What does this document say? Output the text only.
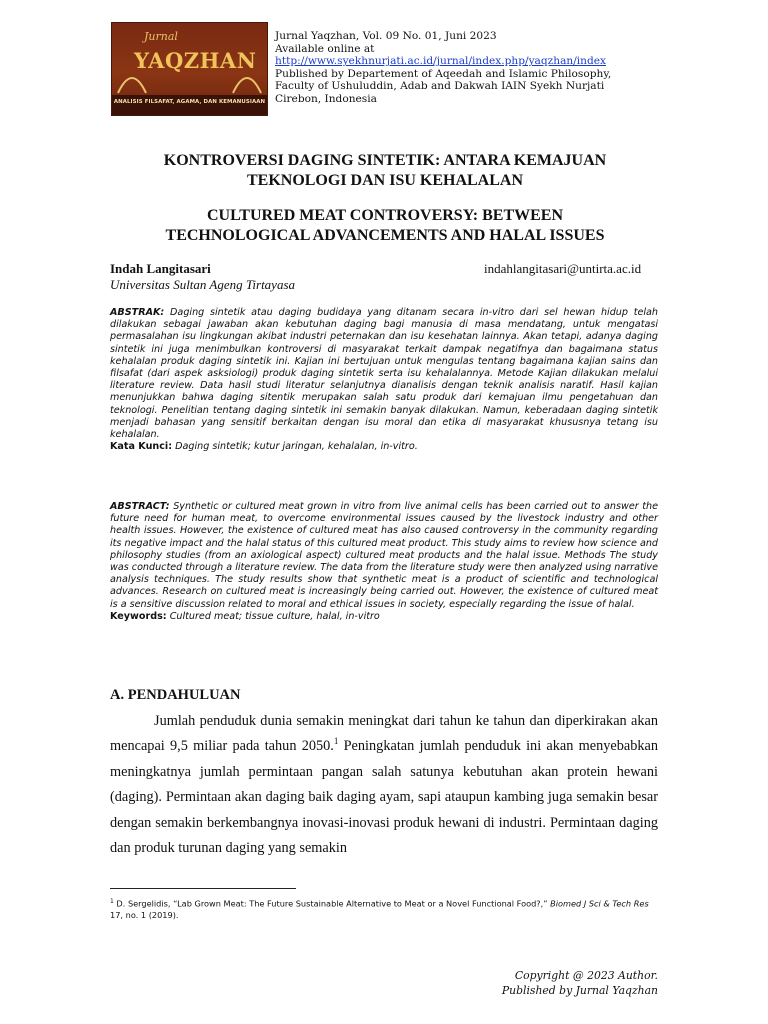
Jurnal
YAQZHAN
ANALISIS FILSAFAT, AGAMA, DAN KEMANUSIAAN
Jurnal Yaqzhan, Vol. 09 No. 01, Juni 2023
Available online at
http://www.syekhnurjati.ac.id/jurnal/index.php/yaqzhan/index
Published by Departement of Aqeedah and Islamic Philosophy,
Faculty of Ushuluddin, Adab and Dakwah IAIN Syekh Nurjati
Cirebon, Indonesia
KONTROVERSI DAGING SINTETIK: ANTARA KEMAJUAN
TEKNOLOGI DAN ISU KEHALALAN
CULTURED MEAT CONTROVERSY: BETWEEN
TECHNOLOGICAL ADVANCEMENTS AND HALAL ISSUES
Indah Langitasari
Universitas Sultan Ageng Tirtayasa
indahlangitasari@untirta.ac.id
ABSTRAK: Daging sintetik atau daging budidaya yang ditanam secara in-vitro dari sel hewan hidup telah dilakukan sebagai jawaban akan kebutuhan daging bagi manusia di masa mendatang, untuk mengatasi permasalahan isu lingkungan akibat industri peternakan dan isu kesehatan lainnya. Akan tetapi, adanya daging sintetik ini juga menimbulkan kontroversi di masyarakat terkait dampak negatifnya dan bagaimana status kehalalan produk daging sintetik ini. Kajian ini bertujuan untuk mengulas tentang bagaimana kajian sains dan filsafat (dari aspek asksiologi) produk daging sintetik serta isu kehalalannya. Metode Kajian dilakukan melalui literature review. Data hasil studi literatur selanjutnya dianalisis dengan teknik analisis naratif. Hasil kajian menunjukkan bahwa daging sitentik merupakan salah satu produk dari kemajuan ilmu pengetahuan dan teknologi. Penelitian tentang daging sintetik ini semakin banyak dilakukan. Namun, keberadaan daging sintetik menjadi bahasan yang sensitif berkaitan dengan isu moral dan etika di masyarakat khususnya tetang isu kehalalan.
Kata Kunci: Daging sintetik; kutur jaringan, kehalalan, in-vitro.
ABSTRACT: Synthetic or cultured meat grown in vitro from live animal cells has been carried out to answer the future need for human meat, to overcome environmental issues caused by the livestock industry and other health issues. However, the existence of cultured meat has also caused controversy in the community regarding its negative impact and the halal status of this cultured meat product. This study aims to review how science and philosophy studies (from an axiological aspect) cultured meat products and the halal issue. Methods The study was conducted through a literature review. The data from the literature study were then analyzed using narrative analysis techniques. The study results show that synthetic meat is a product of scientific and technological advances. Research on cultured meat is increasingly being carried out. However, the existence of cultured meat is a sensitive discussion related to moral and ethical issues in society, especially regarding the issue of halal.
Keywords: Cultured meat; tissue culture, halal, in-vitro
A. PENDAHULUAN
Jumlah penduduk dunia semakin meningkat dari tahun ke tahun dan diperkirakan akan mencapai 9,5 miliar pada tahun 2050.$^1$ Peningkatan jumlah penduduk ini akan menyebabkan meningkatnya jumlah permintaan pangan salah satunya kebutuhan akan protein hewani (daging). Permintaan akan daging baik daging ayam, sapi ataupun kambing juga semakin besar dengan semakin berkembangnya inovasi-inovasi produk hewani di industri. Permintaan daging dan produk turunan daging yang semakin
$^1$ D. Sergelidis, “Lab Grown Meat: The Future Sustainable Alternative to Meat or a Novel Functional Food?,” Biomed J Sci & Tech Res 17, no. 1 (2019).
Copyright @ 2023 Author.
Published by Jurnal Yaqzhan
